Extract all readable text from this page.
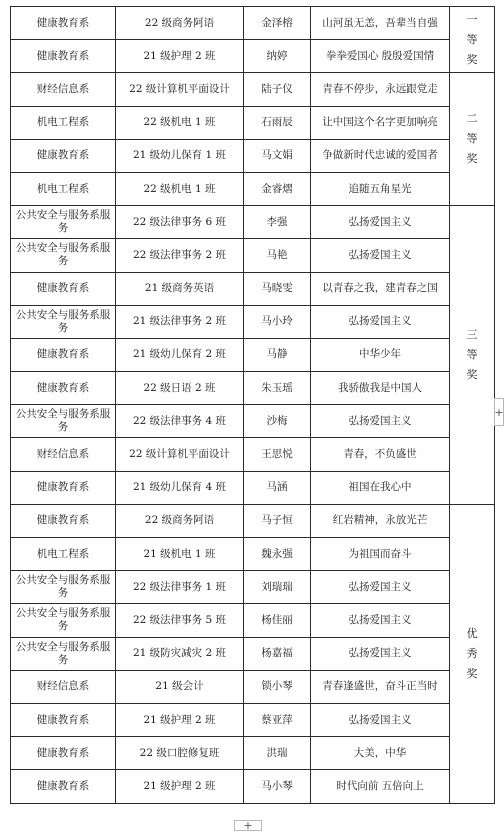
健康教育系	22 级商务阿语	金泽榕	山河虽无恙，吾辈当自强	一等奖
健康教育系	21 级护理 2 班	纳婷	拳拳爱国心 殷殷爱国情	
财经信息系	22 级计算机平面设计	陆子仪	青春不停步，永远跟党走	二等奖
机电工程系	22 级机电 1 班	石雨辰	让中国这个名字更加响亮	
健康教育系	21 级幼儿保育 1 班	马文娟	争做新时代忠诚的爱国者	
机电工程系	22 级机电 1 班	金睿熠	追随五角星光	
公共安全与服务系服务	22 级法律事务 6 班	李强	弘扬爱国主义	三等奖
公共安全与服务系服务	22 级法律事务 2 班	马艳	弘扬爱国主义	
健康教育系	21 级商务英语	马晓雯	以青春之我，建青春之国	
公共安全与服务系服务	21 级法律事务 2 班	马小玲	弘扬爱国主义	
健康教育系	21 级幼儿保育 2 班	马静	中华少年	
健康教育系	22 级日语 2 班	朱玉瑶	我骄傲我是中国人	
公共安全与服务系服务	22 级法律事务 4 班	沙梅	弘扬爱国主义	
财经信息系	22 级计算机平面设计	王思悦	青春，不负盛世	
健康教育系	21 级幼儿保育 4 班	马涵	祖国在我心中	
健康教育系	22 级商务阿语	马子恒	红岩精神，永放光芒	优秀奖
机电工程系	21 级机电 1 班	魏永强	为祖国而奋斗	
公共安全与服务系服务	22 级法律事务 1 班	刘瑞瑞	弘扬爱国主义	
公共安全与服务系服务	22 级法律事务 5 班	杨佳丽	弘扬爱国主义	
公共安全与服务系服务	21 级防灾减灾 2 班	杨嘉福	弘扬爱国主义	
财经信息系	21 级会计	锁小琴	青春逢盛世，奋斗正当时	
健康教育系	21 级护理 2 班	蔡亚萍	弘扬爱国主义	
健康教育系	22 级口腔修复班	洪瑞	大美，中华	
健康教育系	21 级护理 2 班	马小琴	时代向前 五倍向上	
+
+
